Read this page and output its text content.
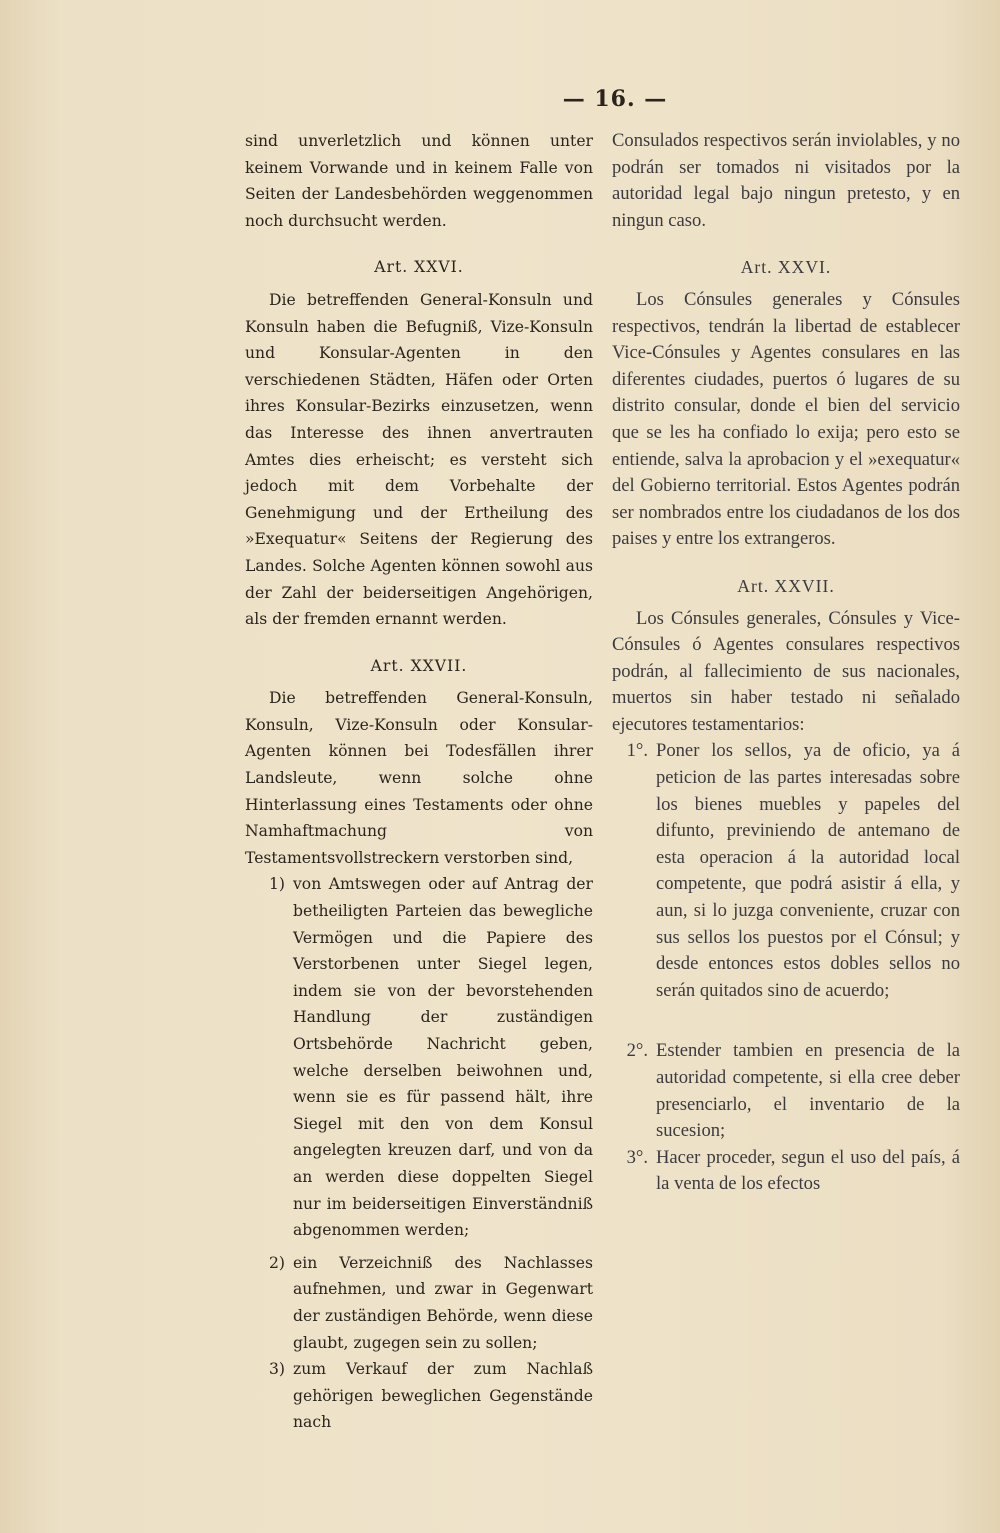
— 16. —

sind unverletzlich und können unter keinem Vorwande und in keinem Falle von Seiten der Landesbehörden weggenommen noch durchsucht werden.

Art. XXVI.

Die betreffenden General-Konsuln und Konsuln haben die Befugniß, Vize-Konsuln und Konsular-Agenten in den verschiedenen Städten, Häfen oder Orten ihres Konsular-Bezirks einzusetzen, wenn das Interesse des ihnen anvertrauten Amtes dies erheischt; es versteht sich jedoch mit dem Vorbehalte der Genehmigung und der Ertheilung des »Exequatur« Seitens der Regierung des Landes. Solche Agenten können sowohl aus der Zahl der beiderseitigen Angehörigen, als der fremden ernannt werden.

Art. XXVII.

Die betreffenden General-Konsuln, Konsuln, Vize-Konsuln oder Konsular-Agenten können bei Todesfällen ihrer Landsleute, wenn solche ohne Hinterlassung eines Testaments oder ohne Namhaftmachung von Testamentsvollstreckern verstorben sind,

1) von Amtswegen oder auf Antrag der betheiligten Parteien das bewegliche Vermögen und die Papiere des Verstorbenen unter Siegel legen, indem sie von der bevorstehenden Handlung der zuständigen Ortsbehörde Nachricht geben, welche derselben beiwohnen und, wenn sie es für passend hält, ihre Siegel mit den von dem Konsul angelegten kreuzen darf, und von da an werden diese doppelten Siegel nur im beiderseitigen Einverständniß abgenommen werden;
2) ein Verzeichniß des Nachlasses aufnehmen, und zwar in Gegenwart der zuständigen Behörde, wenn diese glaubt, zugegen sein zu sollen;
3) zum Verkauf der zum Nachlaß gehörigen beweglichen Gegenstände nach

Consulados respectivos serán inviolables, y no podrán ser tomados ni visitados por la autoridad legal bajo ningun pretesto, y en ningun caso.

Art. XXVI.

Los Cónsules generales y Cónsules respectivos, tendrán la libertad de establecer Vice-Cónsules y Agentes consulares en las diferentes ciudades, puertos ó lugares de su distrito consular, donde el bien del servicio que se les ha confiado lo exija; pero esto se entiende, salva la aprobacion y el »exequatur« del Gobierno territorial. Estos Agentes podrán ser nombrados entre los ciudadanos de los dos paises y entre los extrangeros.

Art. XXVII.

Los Cónsules generales, Cónsules y Vice-Cónsules ó Agentes consulares respectivos podrán, al fallecimiento de sus nacionales, muertos sin haber testado ni señalado ejecutores testamentarios:

1°. Poner los sellos, ya de oficio, ya á peticion de las partes interesadas sobre los bienes muebles y papeles del difunto, previniendo de antemano de esta operacion á la autoridad local competente, que podrá asistir á ella, y aun, si lo juzga conveniente, cruzar con sus sellos los puestos por el Cónsul; y desde entonces estos dobles sellos no serán quitados sino de acuerdo;
2°. Estender tambien en presencia de la autoridad competente, si ella cree deber presenciarlo, el inventario de la sucesion;
3°. Hacer proceder, segun el uso del país, á la venta de los efectos
